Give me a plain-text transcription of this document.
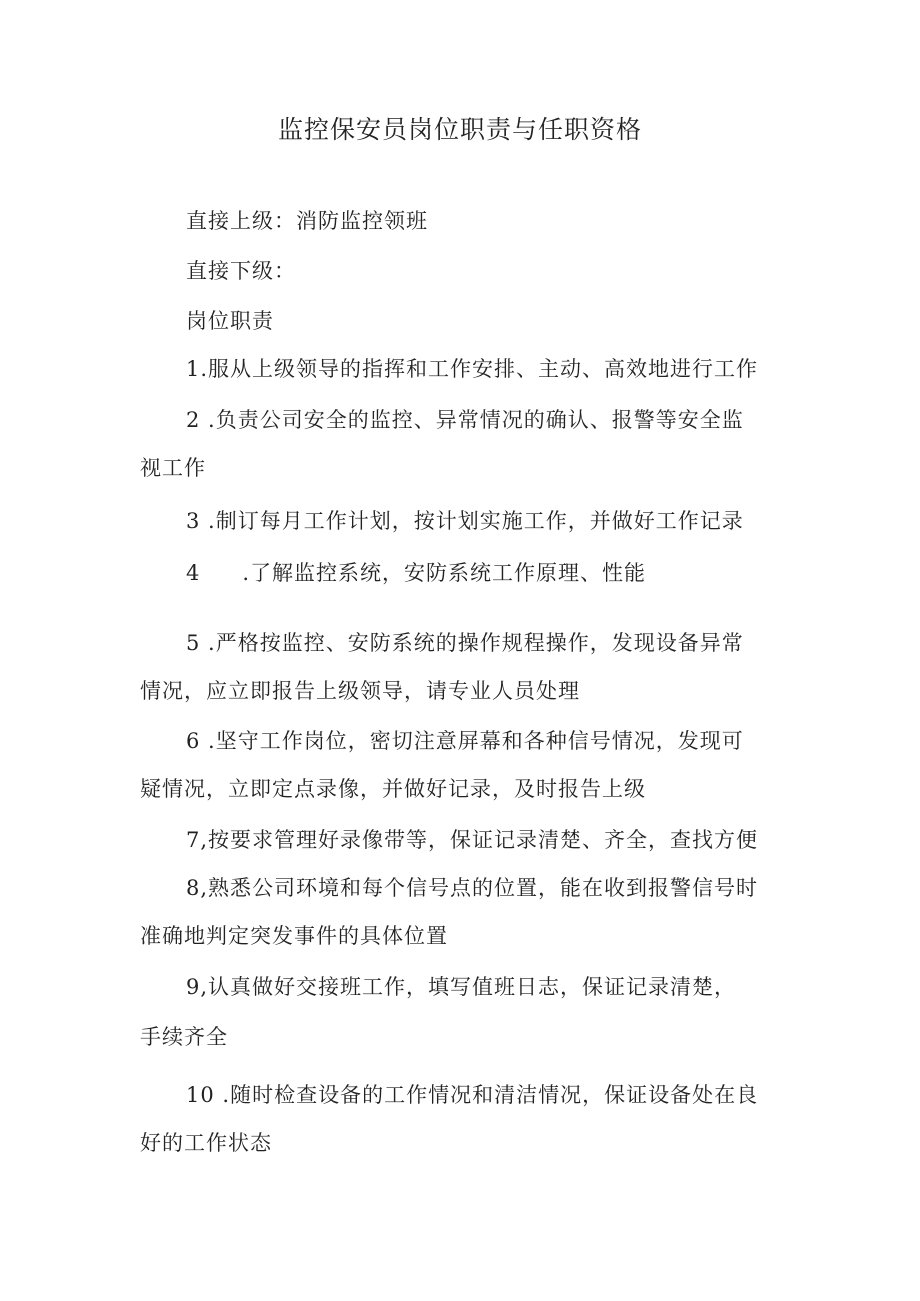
监控保安员岗位职责与任职资格
直接上级：消防监控领班
直接下级：
岗位职责
1.服从上级领导的指挥和工作安排、主动、高效地进行工作
2 .负责公司安全的监控、异常情况的确认、报警等安全监
视工作
3 .制订每月工作计划，按计划实施工作，并做好工作记录
4 .了解监控系统，安防系统工作原理、性能
5 .严格按监控、安防系统的操作规程操作，发现设备异常
情况，应立即报告上级领导，请专业人员处理
6 .坚守工作岗位，密切注意屏幕和各种信号情况，发现可
疑情况，立即定点录像，并做好记录，及时报告上级
7,按要求管理好录像带等，保证记录清楚、齐全，查找方便
8,熟悉公司环境和每个信号点的位置，能在收到报警信号时
准确地判定突发事件的具体位置
9,认真做好交接班工作，填写值班日志，保证记录清楚，
手续齐全
10 .随时检查设备的工作情况和清洁情况，保证设备处在良
好的工作状态
